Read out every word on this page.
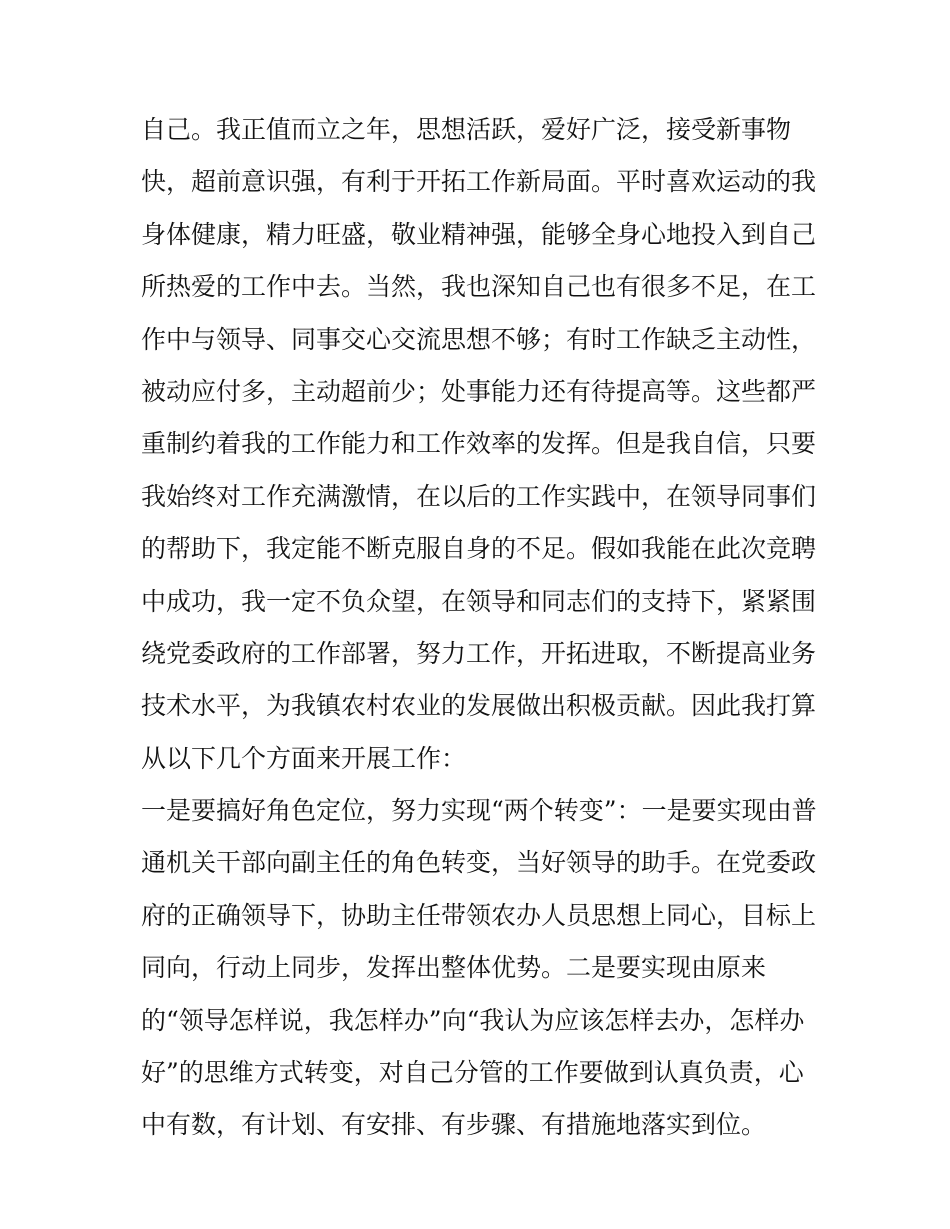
自己。我正值而立之年，思想活跃，爱好广泛，接受新事物
快，超前意识强，有利于开拓工作新局面。平时喜欢运动的我
身体健康，精力旺盛，敬业精神强，能够全身心地投入到自己
所热爱的工作中去。当然，我也深知自己也有很多不足，在工
作中与领导、同事交心交流思想不够；有时工作缺乏主动性，
被动应付多，主动超前少；处事能力还有待提高等。这些都严
重制约着我的工作能力和工作效率的发挥。但是我自信，只要
我始终对工作充满激情，在以后的工作实践中，在领导同事们
的帮助下，我定能不断克服自身的不足。假如我能在此次竞聘
中成功，我一定不负众望，在领导和同志们的支持下，紧紧围
绕党委政府的工作部署，努力工作，开拓进取，不断提高业务
技术水平，为我镇农村农业的发展做出积极贡献。因此我打算
从以下几个方面来开展工作：
一是要搞好角色定位，努力实现“两个转变”：一是要实现由普
通机关干部向副主任的角色转变，当好领导的助手。在党委政
府的正确领导下，协助主任带领农办人员思想上同心，目标上
同向，行动上同步，发挥出整体优势。二是要实现由原来
的“领导怎样说，我怎样办”向“我认为应该怎样去办，怎样办
好”的思维方式转变，对自己分管的工作要做到认真负责，心
中有数，有计划、有安排、有步骤、有措施地落实到位。
